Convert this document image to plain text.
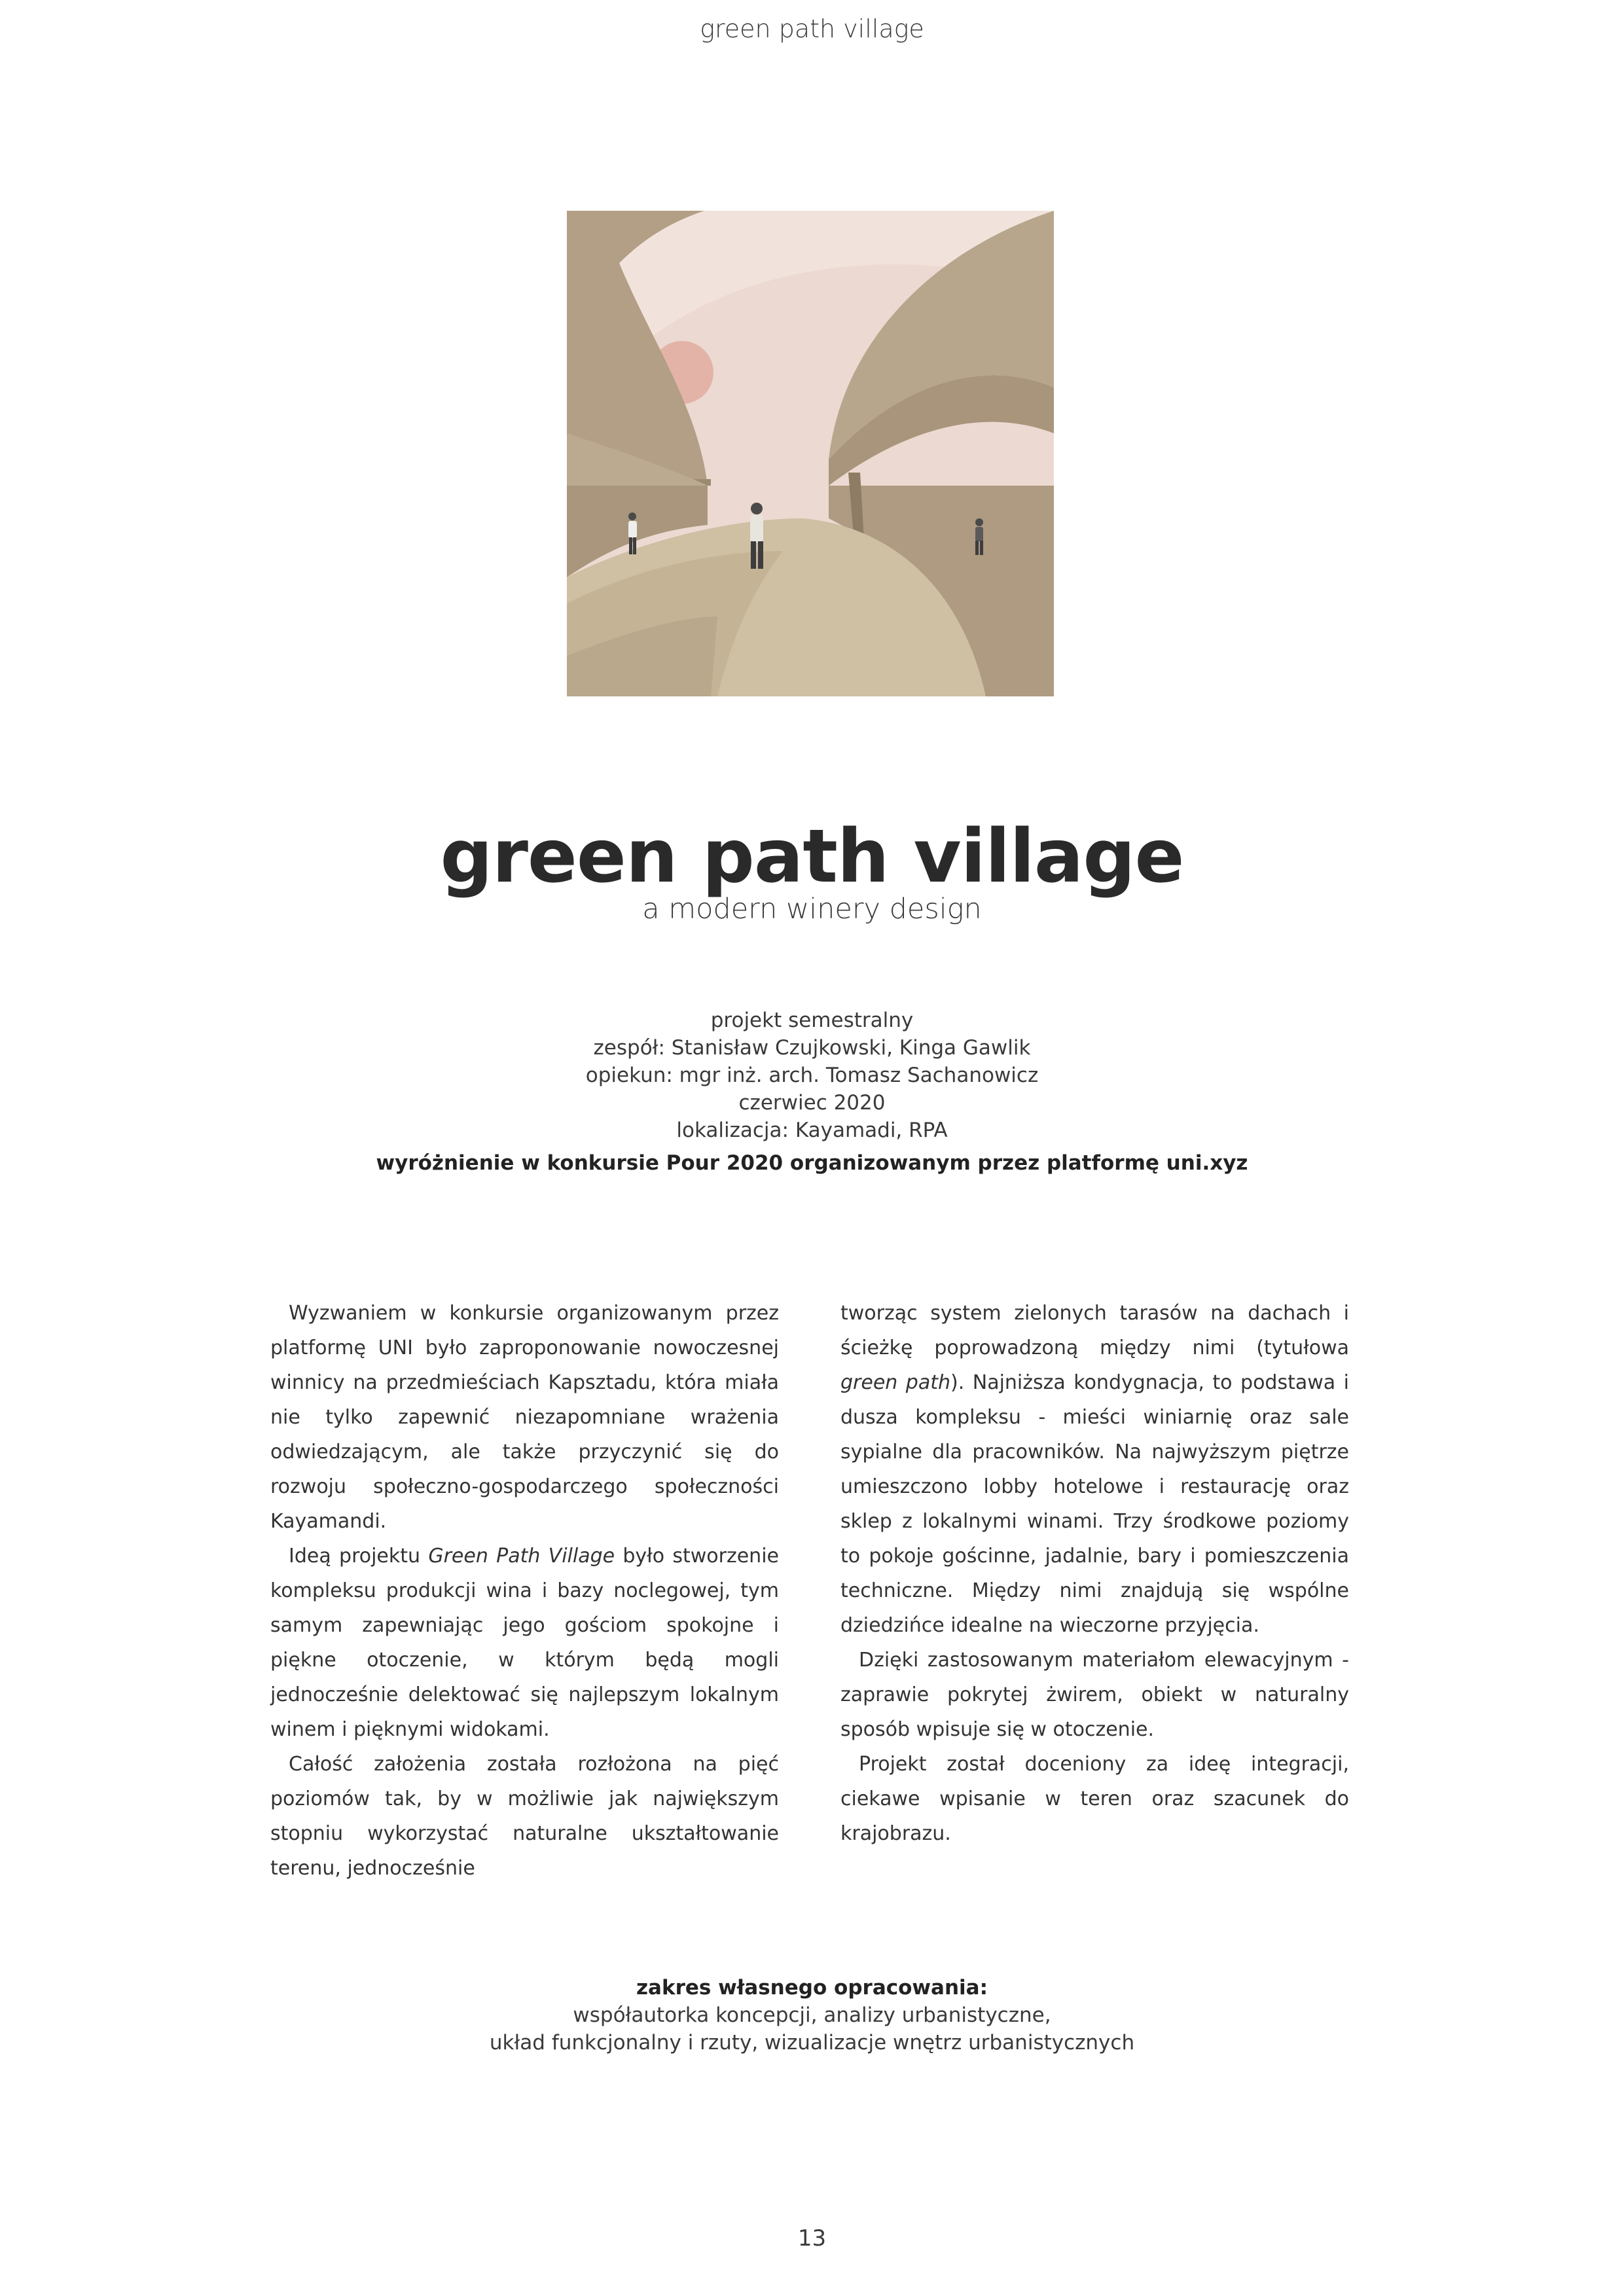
green path village
green path village
a modern winery design
projekt semestralny
zespół: Stanisław Czujkowski, Kinga Gawlik
opiekun: mgr inż. arch. Tomasz Sachanowicz
czerwiec 2020
lokalizacja: Kayamadi, RPA
wyróżnienie w konkursie Pour 2020 organizowanym przez platformę uni.xyz

Wyzwaniem w konkursie organizowanym przez platformę UNI było zaproponowanie nowoczesnej winnicy na przedmieściach Kapsztadu, która miała nie tylko zapewnić niezapomniane wrażenia odwiedzającym, ale także przyczynić się do rozwoju społeczno-gospodarczego społeczności Kayamandi.

Ideą projektu Green Path Village było stworzenie kompleksu produkcji wina i bazy noclegowej, tym samym zapewniając jego gościom spokojne i piękne otoczenie, w którym będą mogli jednocześnie delektować się najlepszym lokalnym winem i pięknymi widokami.

Całość założenia została rozłożona na pięć poziomów tak, by w możliwie jak największym stopniu wykorzystać naturalne ukształtowanie terenu, jednocześnie

tworząc system zielonych tarasów na dachach i ścieżkę poprowadzoną między nimi (tytułowa green path). Najniższa kondygnacja, to podstawa i dusza kompleksu - mieści winiarnię oraz sale sypialne dla pracowników. Na najwyższym piętrze umieszczono lobby hotelowe i restaurację oraz sklep z lokalnymi winami. Trzy środkowe poziomy to pokoje gościnne, jadalnie, bary i pomieszczenia techniczne. Między nimi znajdują się wspólne dziedzińce idealne na wieczorne przyjęcia.

Dzięki zastosowanym materiałom elewacyjnym - zaprawie pokrytej żwirem, obiekt w naturalny sposób wpisuje się w otoczenie.

Projekt został doceniony za ideę integracji, ciekawe wpisanie w teren oraz szacunek do krajobrazu.

zakres własnego opracowania:
współautorka koncepcji, analizy urbanistyczne,
układ funkcjonalny i rzuty, wizualizacje wnętrz urbanistycznych
13
